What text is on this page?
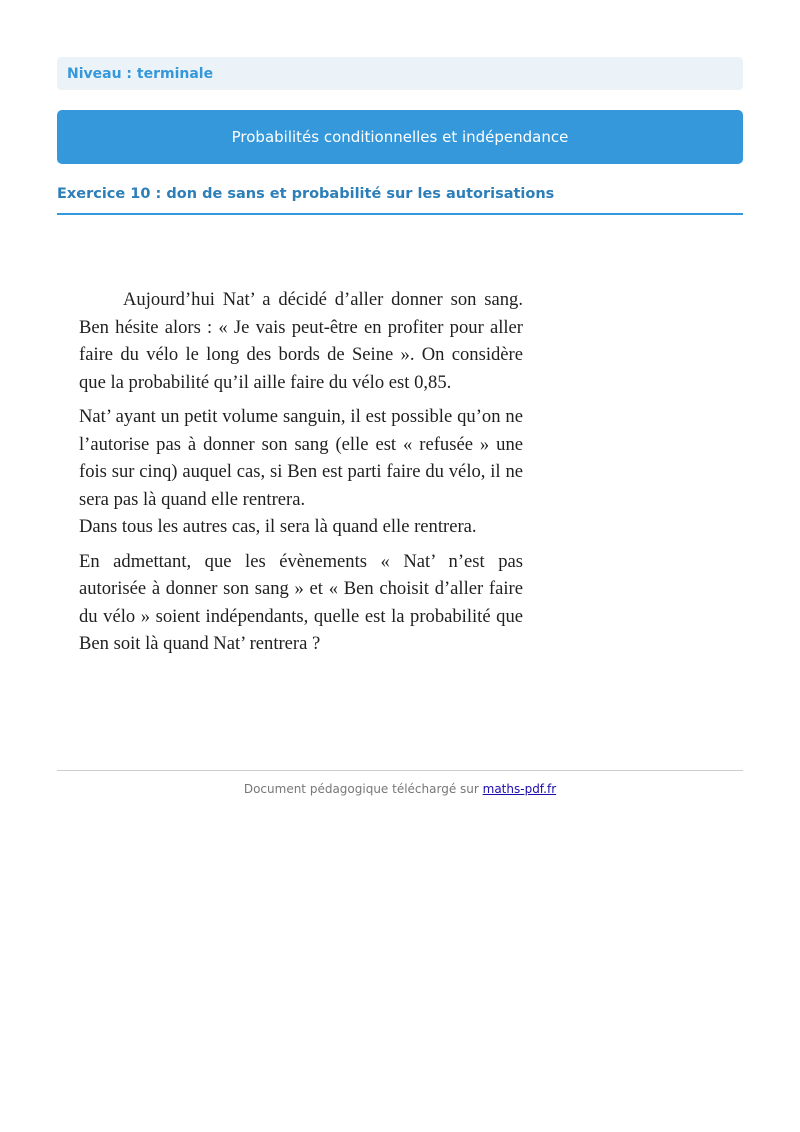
Niveau : terminale
Probabilités conditionnelles et indépendance
Exercice 10 : don de sans et probabilité sur les autorisations

Aujourd’hui Nat’ a décidé d’aller donner son sang. Ben hésite alors : « Je vais peut-être en profiter pour aller faire du vélo le long des bords de Seine ». On considère que la probabilité qu’il aille faire du vélo est 0,85.

Nat’ ayant un petit volume sanguin, il est possible qu’on ne l’autorise pas à donner son sang (elle est « refusée » une fois sur cinq) auquel cas, si Ben est parti faire du vélo, il ne sera pas là quand elle rentrera.

Dans tous les autres cas, il sera là quand elle rentrera.

En admettant, que les évènements « Nat’ n’est pas autorisée à donner son sang » et « Ben choisit d’aller faire du vélo » soient indépendants, quelle est la probabilité que Ben soit là quand Nat’ rentrera ?

Document pédagogique téléchargé sur maths-pdf.fr
